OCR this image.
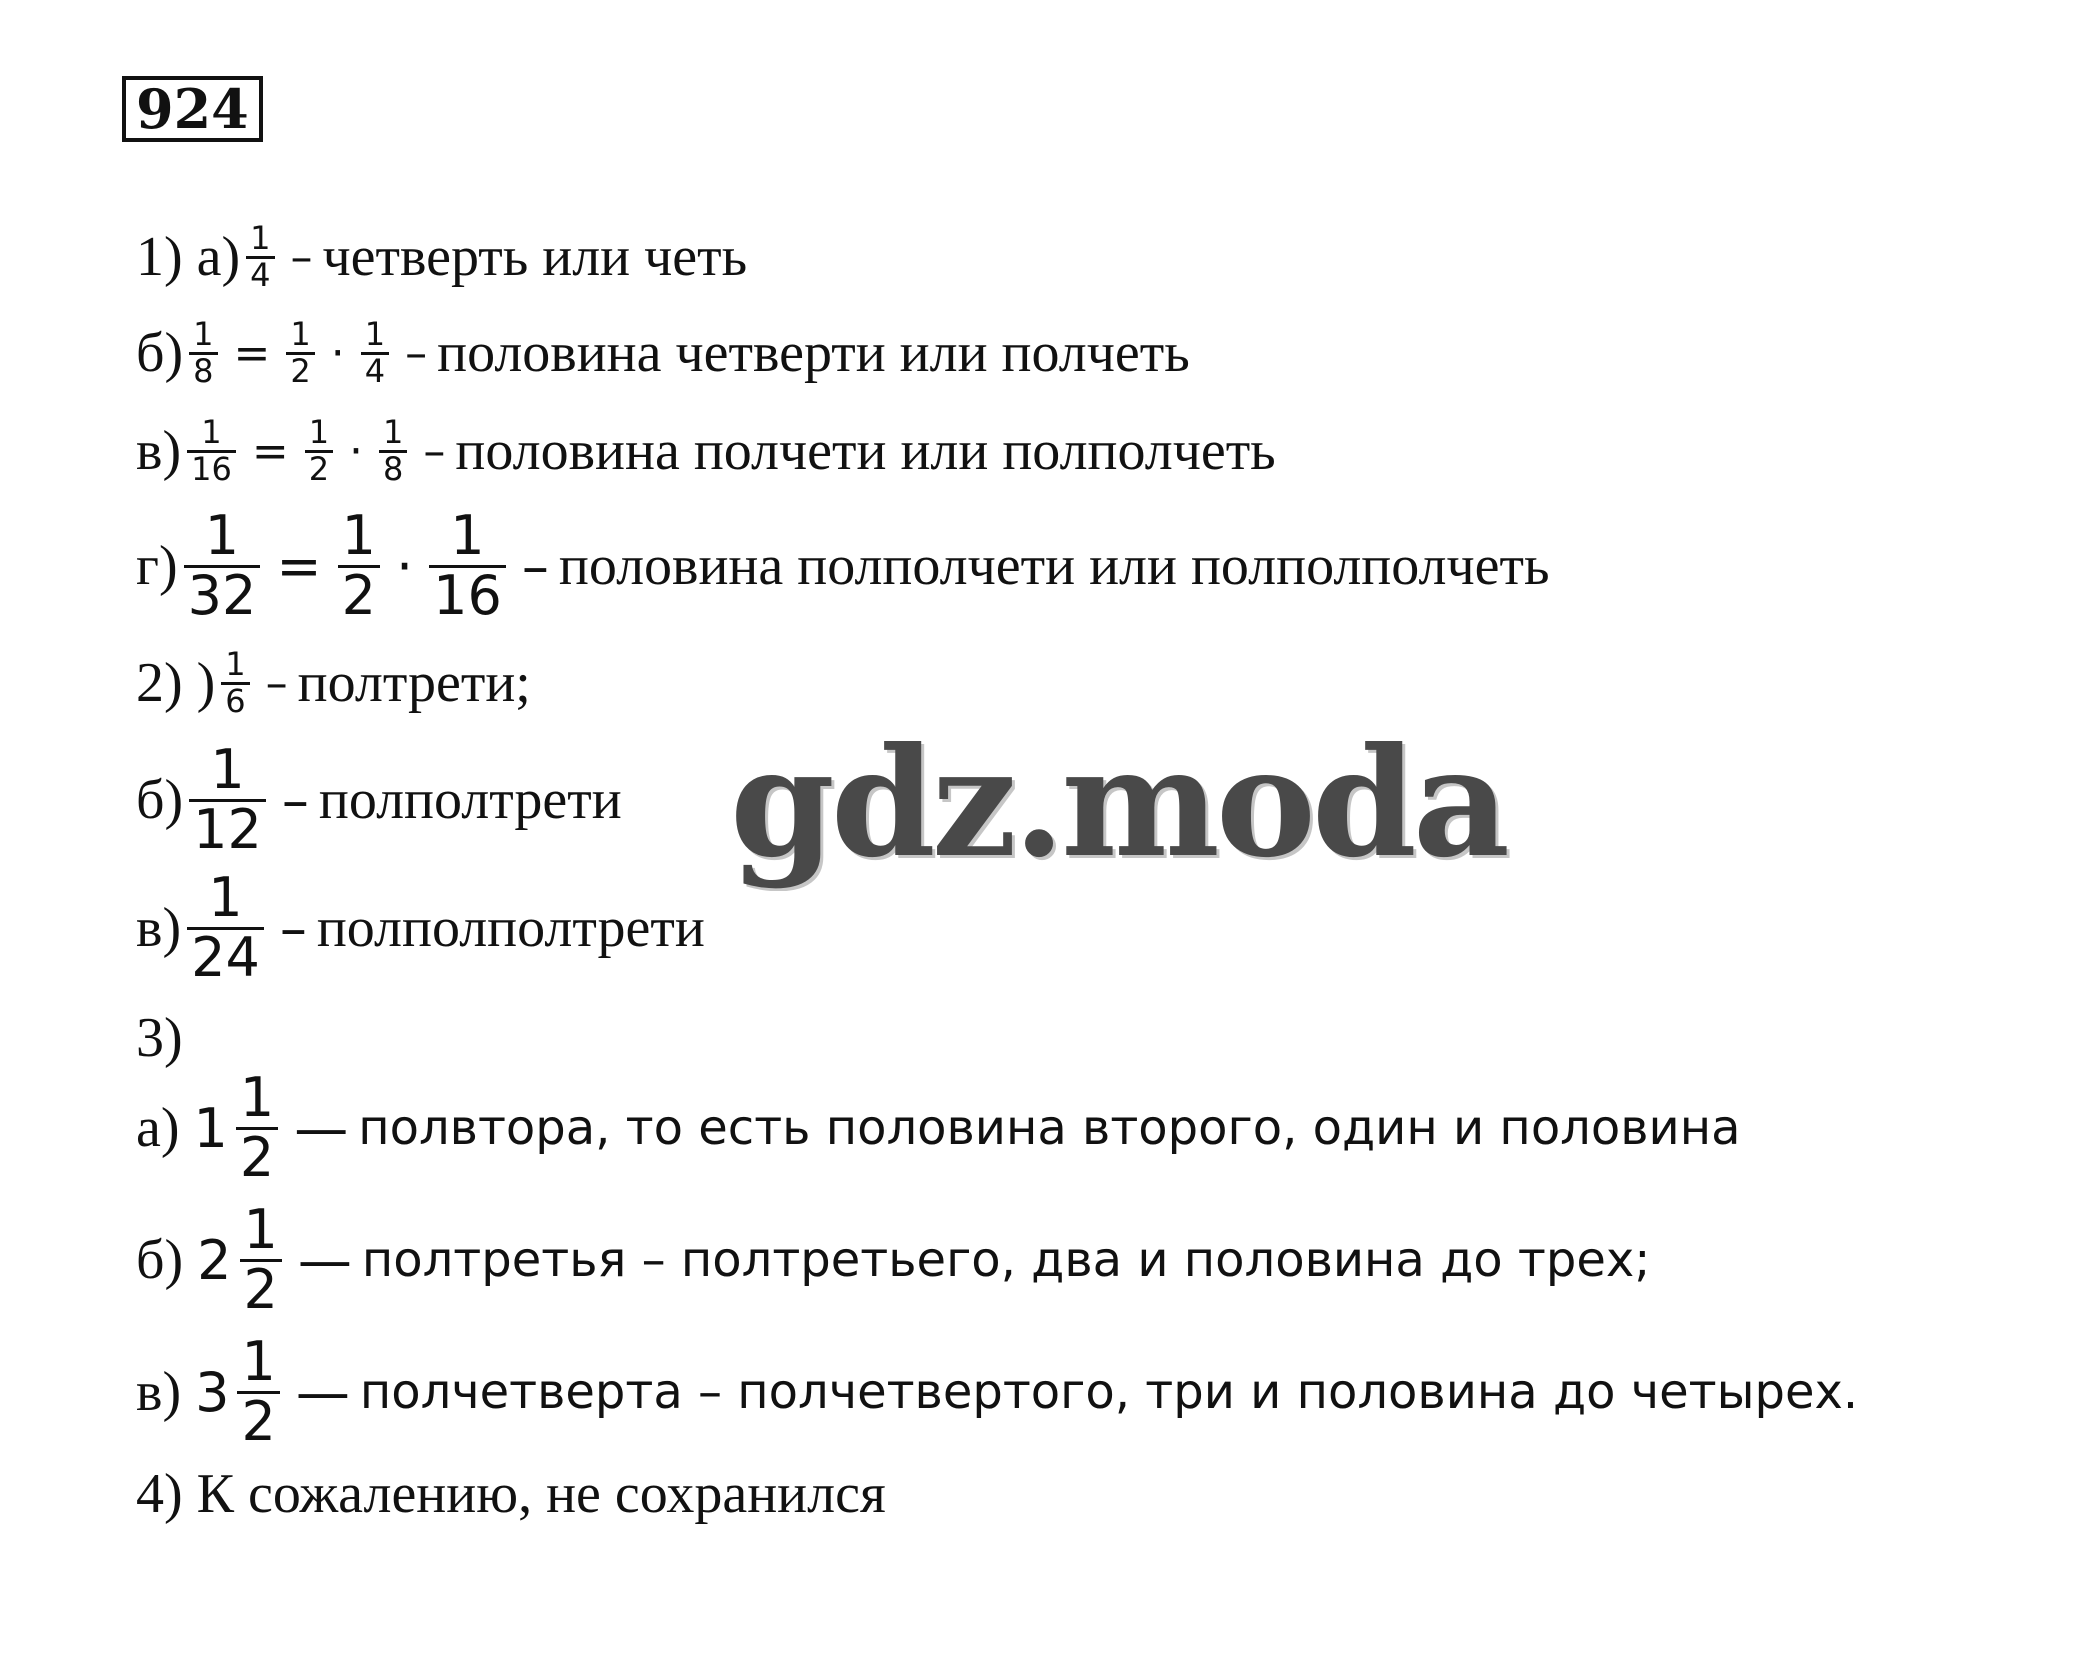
924
1) $а) \frac{1}{4}$ – четверть или четь
$б) \frac{1}{8} = \frac{1}{2} \cdot \frac{1}{4}$ – половина четверти или полчеть
$в) \frac{1}{16} = \frac{1}{2} \cdot \frac{1}{8}$ – половина полчети или полполчеть
$г) \frac{1}{32} = \frac{1}{2} \cdot \frac{1}{16}$ – половина полполчети или полполполчеть
2) ) $\frac{1}{6}$ – полтрети;
$б) \frac{1}{12}$ – полполтрети
$в) \frac{1}{24}$ – полполполтрети
3)
а) $1 \frac{1}{2}$ — полвтора, то есть половина второго, один и половина
б) $2 \frac{1}{2}$ — полтретья – полтретьего, два и половина до трех;
в) $3 \frac{1}{2}$ — полчетверта – полчетвертого, три и половина до четырех.
4) К сожалению, не сохранился
gdz.moda
